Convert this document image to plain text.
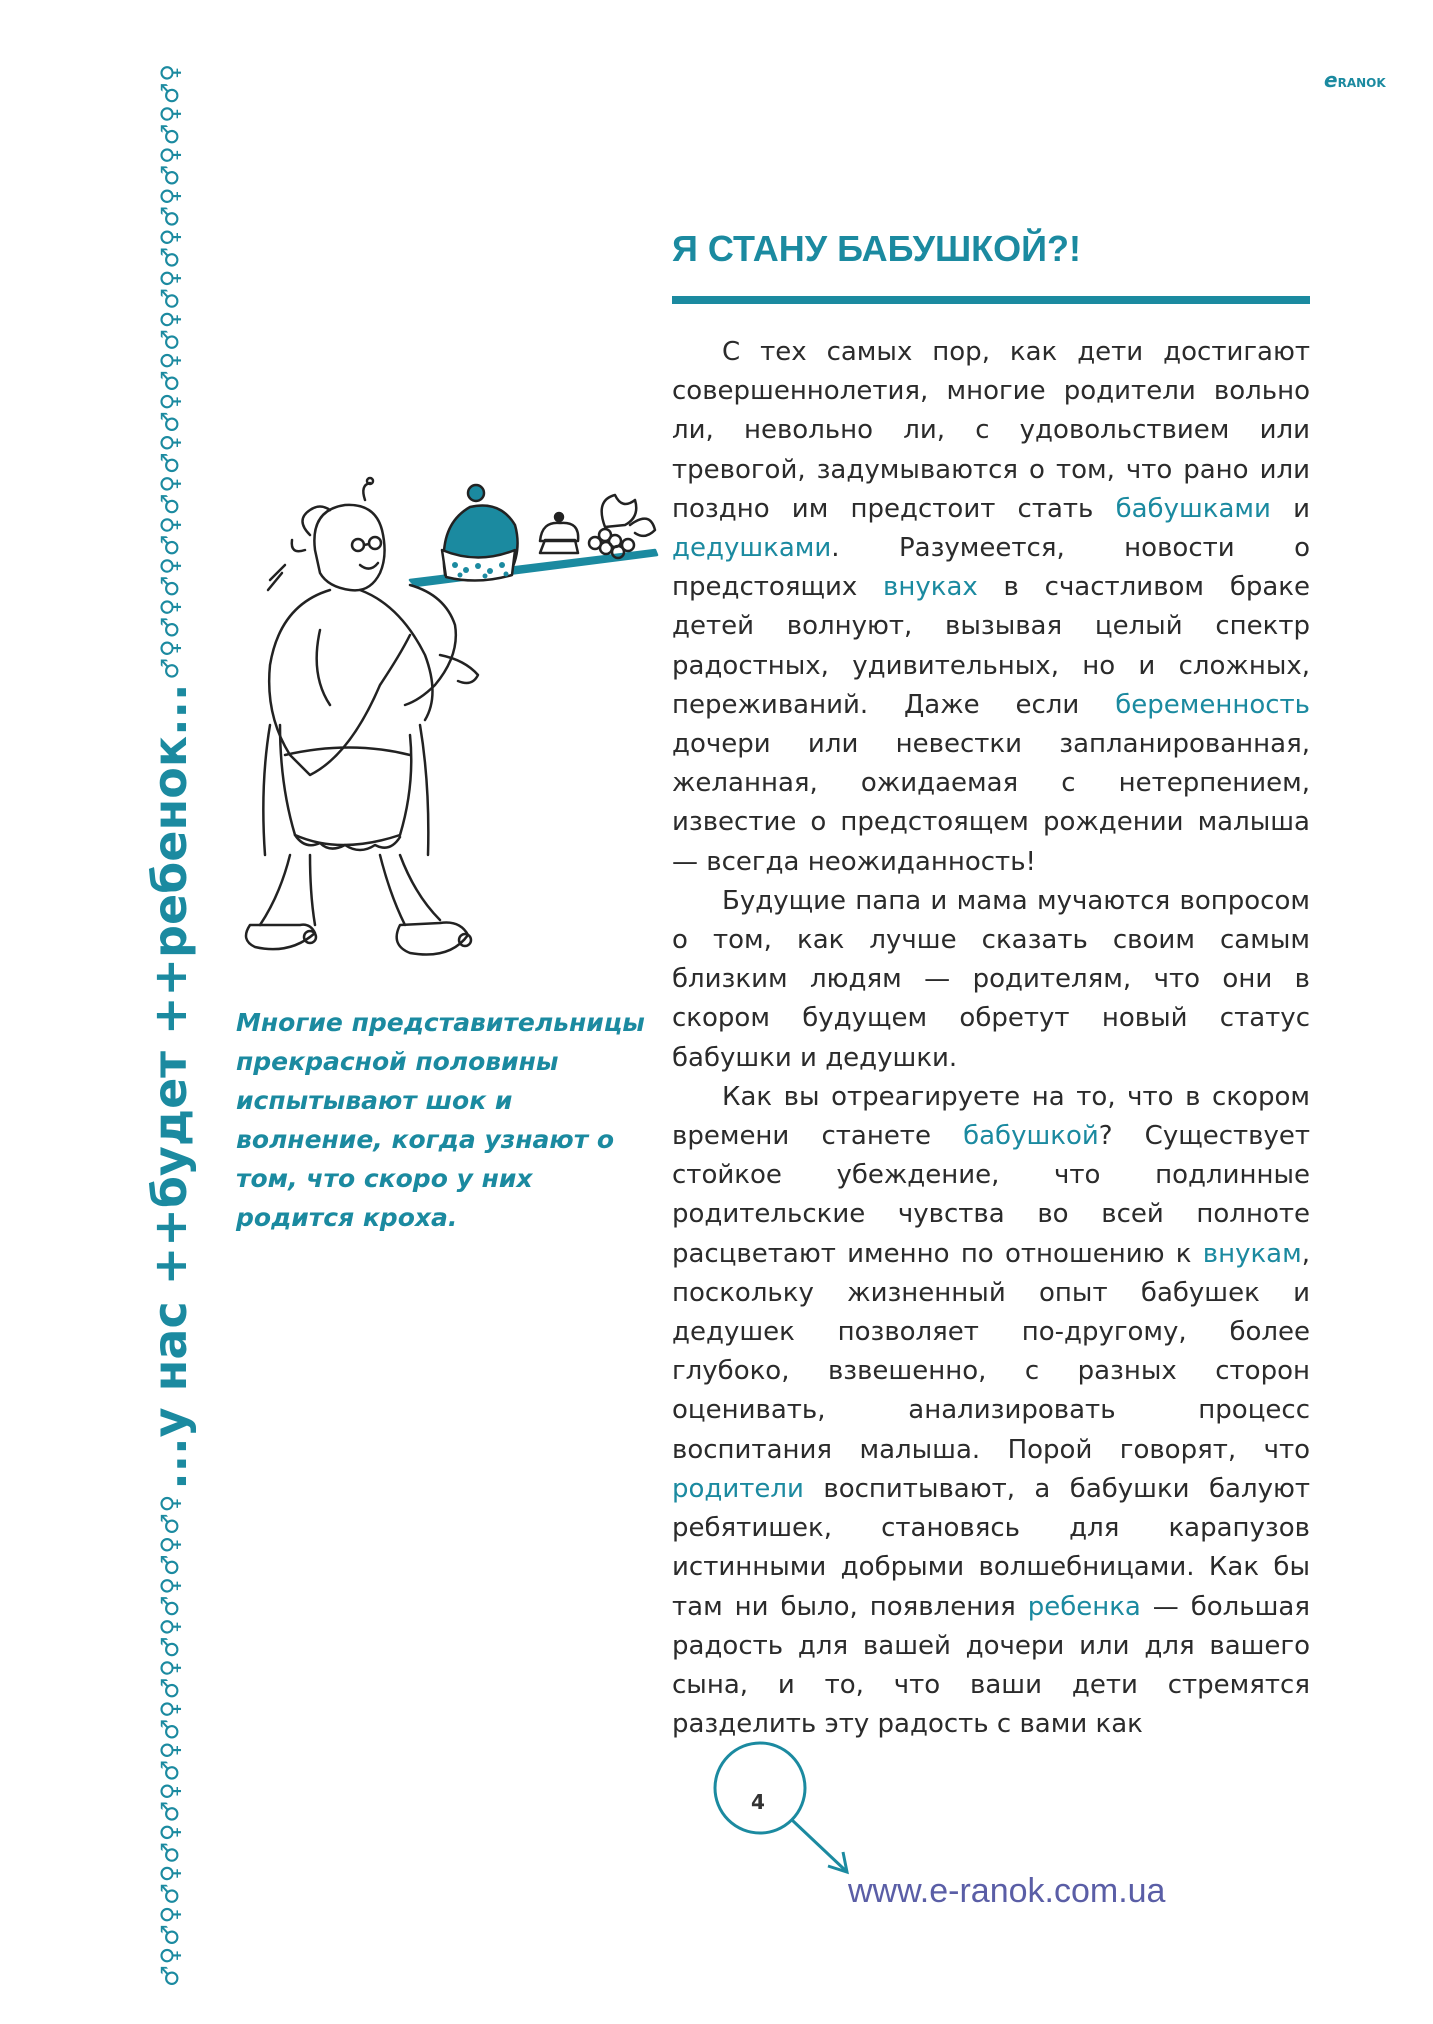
♂♀♂♀♂♀♂♀♂♀♂♀♂♀♂♀♂♀♂♀♂♀♂♀
...у нас ++будет ++ребенок...
♂♀♂♀♂♀♂♀♂♀♂♀♂♀♂♀♂♀♂♀♂♀♂♀♂♀♂♀♂♀	eRANOK
Я СТАНУ БАБУШКОЙ?!

С тех самых пор, как дети достигают совершеннолетия, многие родители вольно ли, невольно ли, с удовольствием или тревогой, задумываются о том, что рано или поздно им предстоит стать бабушками и дедушками. Разумеется, новости о предстоящих внуках в счастливом браке детей волнуют, вызывая целый спектр радостных, удивительных, но и сложных, переживаний. Даже если беременность дочери или невестки запланированная, желанная, ожидаемая с нетерпением, известие о предстоящем рождении малыша — всегда неожиданность!

Будущие папа и мама мучаются вопросом о том, как лучше сказать своим самым близким людям — родителям, что они в скором будущем обретут новый статус бабушки и дедушки.

Как вы отреагируете на то, что в скором времени станете бабушкой? Существует стойкое убеждение, что подлинные родительские чувства во всей полноте расцветают именно по отношению к внукам, поскольку жизненный опыт бабушек и дедушек позволяет по-другому, более глубоко, взвешенно, с разных сторон оценивать, анализировать процесс воспитания малыша. Порой говорят, что родители воспитывают, а бабушки балуют ребятишек, становясь для карапузов истинными добрыми волшебницами. Как бы там ни было, появления ребенка — большая радость для вашей дочери или для вашего сына, и то, что ваши дети стремятся разделить эту радость с вами как

Многие представительницы прекрасной половины испытывают шок и волнение, когда узнают о том, что скоро у них родится кроха.

4
www.e-ranok.com.ua
